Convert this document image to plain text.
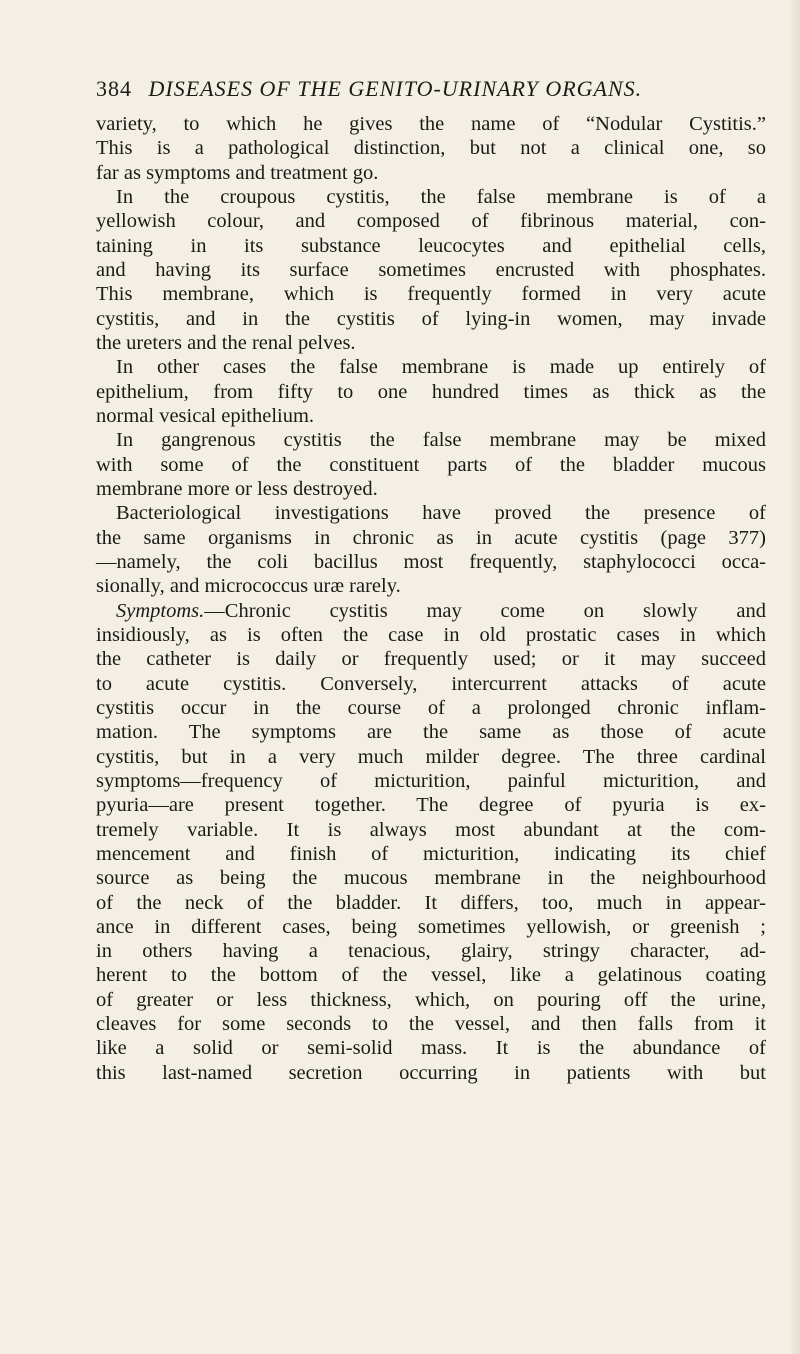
384 DISEASES OF THE GENITO-URINARY ORGANS.
variety, to which he gives the name of “Nodular Cystitis.”
This is a pathological distinction, but not a clinical one, so
far as symptoms and treatment go.
In the croupous cystitis, the false membrane is of a
yellowish colour, and composed of fibrinous material, con-
taining in its substance leucocytes and epithelial cells,
and having its surface sometimes encrusted with phosphates.
This membrane, which is frequently formed in very acute
cystitis, and in the cystitis of lying-in women, may invade
the ureters and the renal pelves.
In other cases the false membrane is made up entirely of
epithelium, from fifty to one hundred times as thick as the
normal vesical epithelium.
In gangrenous cystitis the false membrane may be mixed
with some of the constituent parts of the bladder mucous
membrane more or less destroyed.
Bacteriological investigations have proved the presence of
the same organisms in chronic as in acute cystitis (page 377)
—namely, the coli bacillus most frequently, staphylococci occa-
sionally, and micrococcus uræ rarely.
Symptoms.—Chronic cystitis may come on slowly and
insidiously, as is often the case in old prostatic cases in which
the catheter is daily or frequently used; or it may succeed
to acute cystitis. Conversely, intercurrent attacks of acute
cystitis occur in the course of a prolonged chronic inflam-
mation. The symptoms are the same as those of acute
cystitis, but in a very much milder degree. The three cardinal
symptoms—frequency of micturition, painful micturition, and
pyuria—are present together. The degree of pyuria is ex-
tremely variable. It is always most abundant at the com-
mencement and finish of micturition, indicating its chief
source as being the mucous membrane in the neighbourhood
of the neck of the bladder. It differs, too, much in appear-
ance in different cases, being sometimes yellowish, or greenish ;
in others having a tenacious, glairy, stringy character, ad-
herent to the bottom of the vessel, like a gelatinous coating
of greater or less thickness, which, on pouring off the urine,
cleaves for some seconds to the vessel, and then falls from it
like a solid or semi-solid mass. It is the abundance of
this last-named secretion occurring in patients with but
